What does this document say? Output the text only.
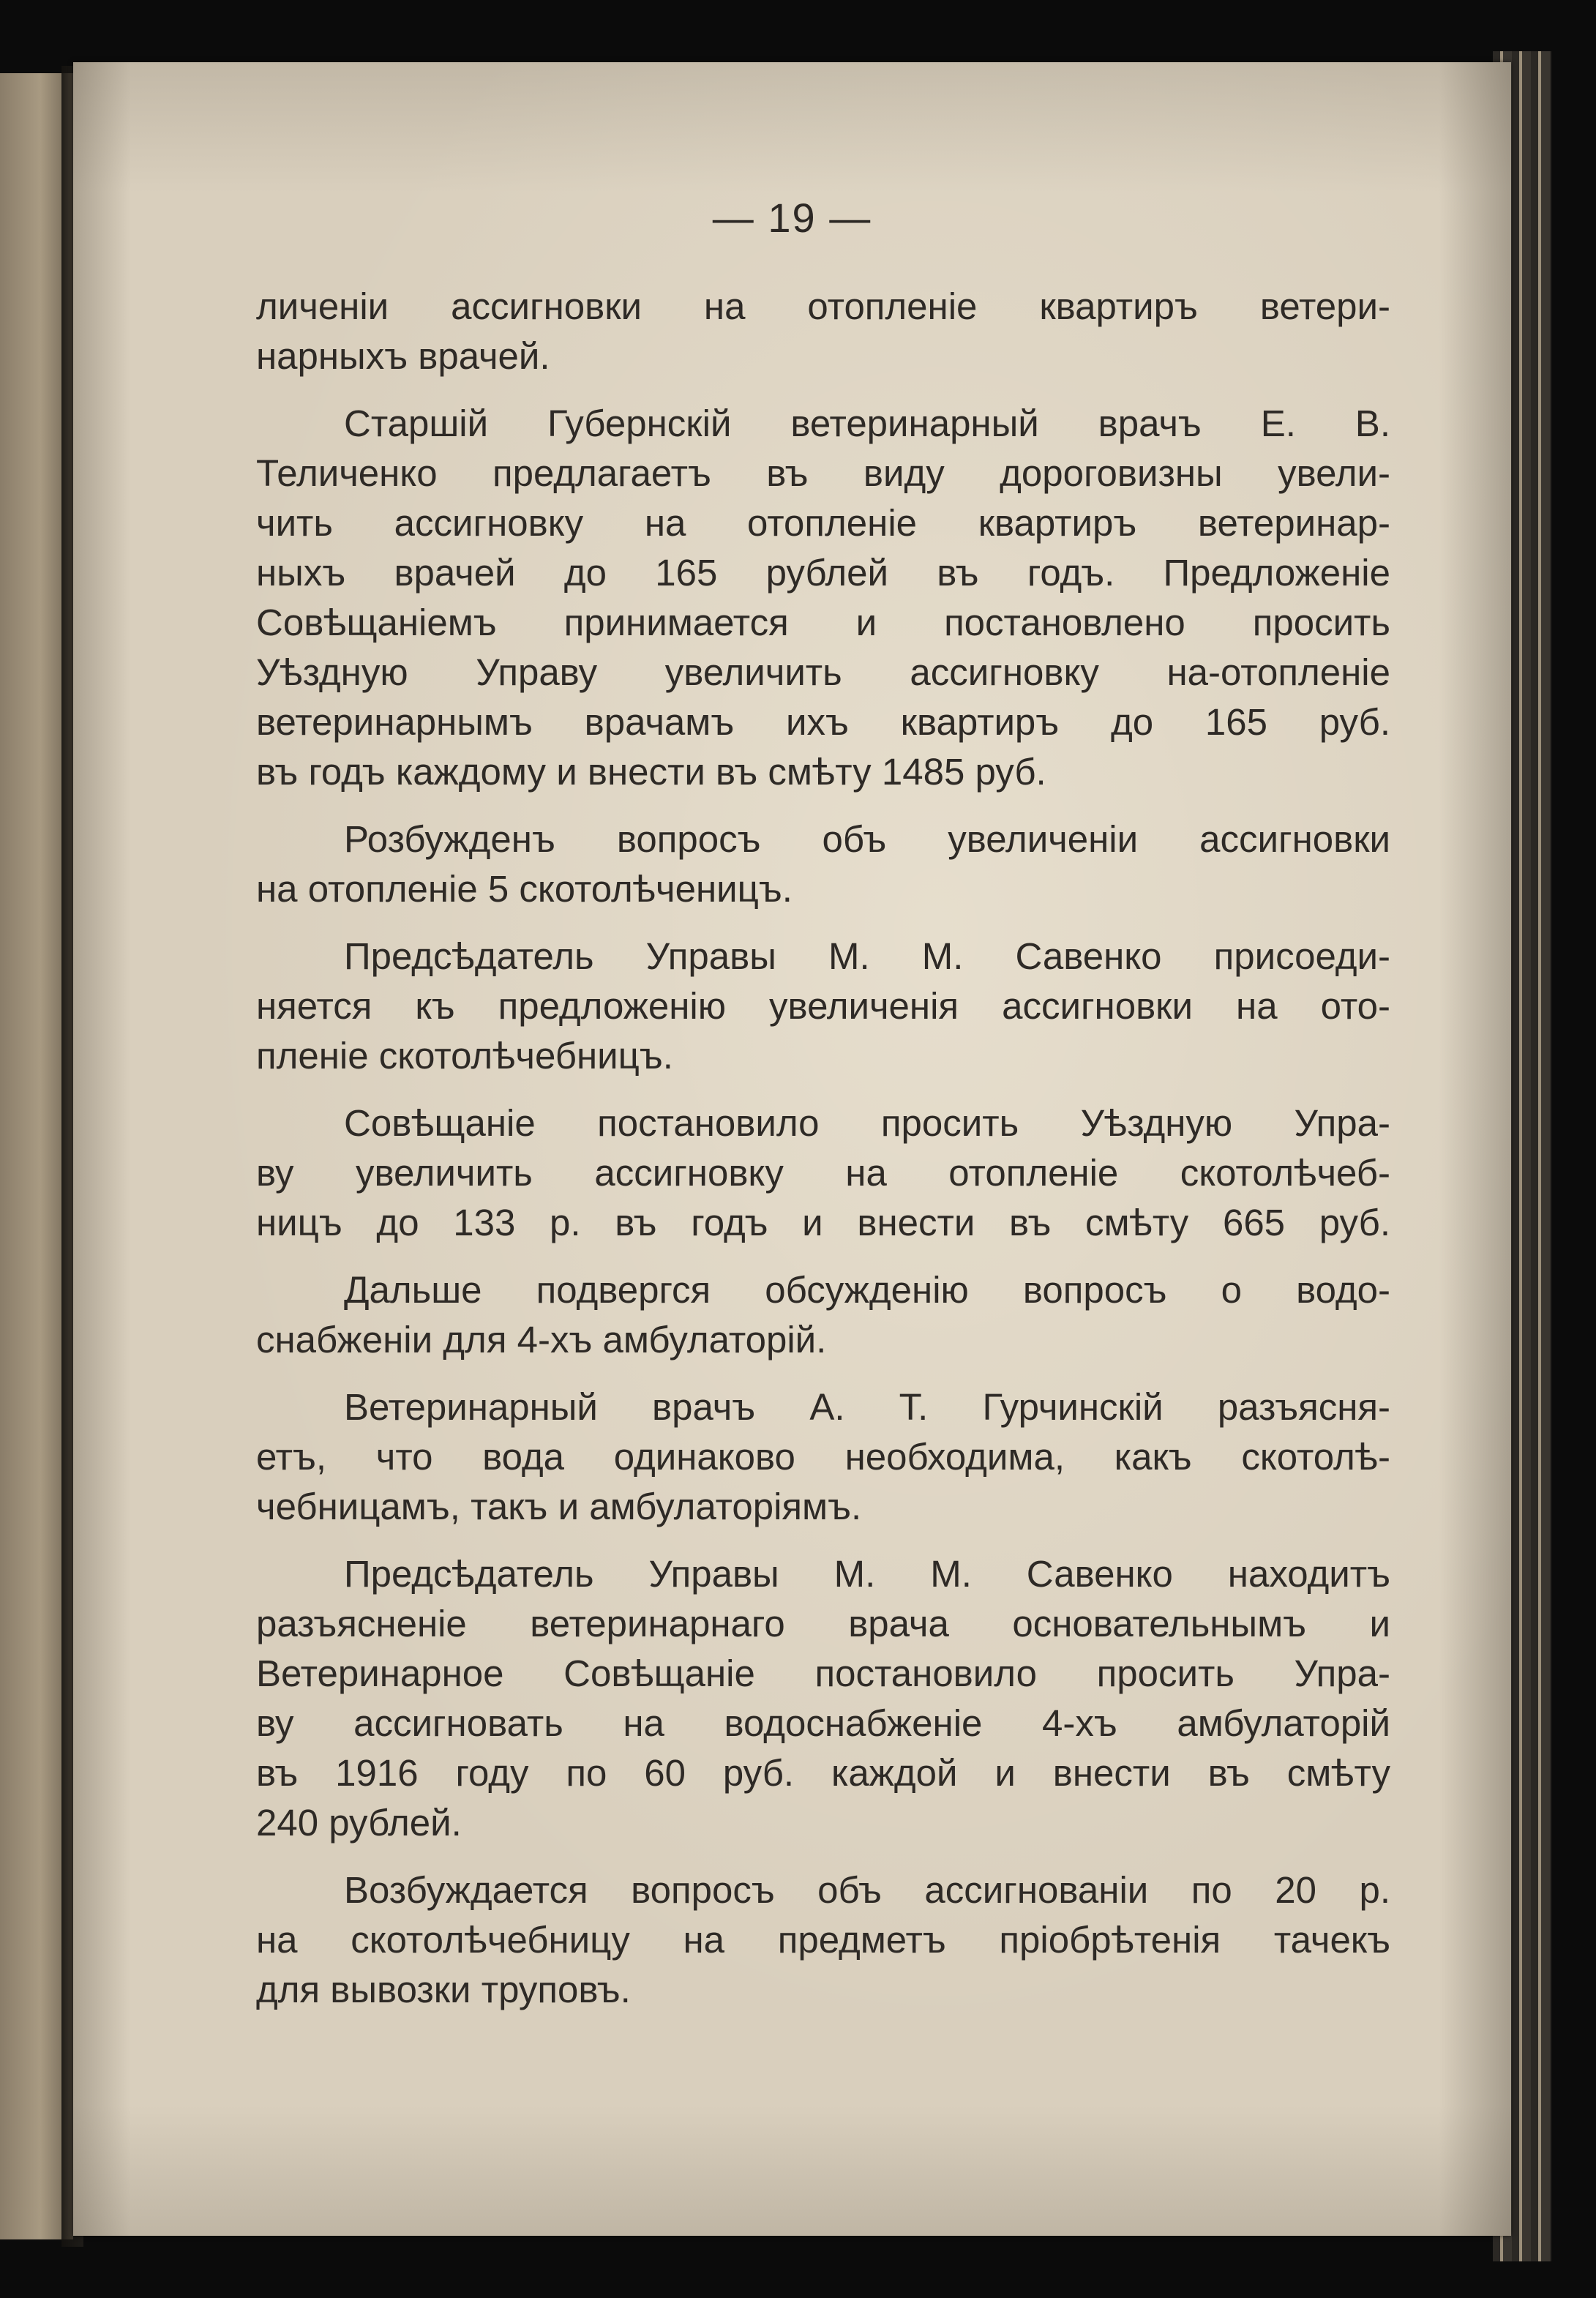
— 19 —
личеніи ассигновки на отопленіе квартиръ ветери-
нарныхъ врачей.
Старшій Губернскій ветеринарный врачъ Е. В.
Теличенко предлагаетъ въ виду дороговизны увели-
чить ассигновку на отопленіе квартиръ ветеринар-
ныхъ врачей до 165 рублей въ годъ. Предложеніе
Совѣщаніемъ принимается и постановлено просить
Уѣздную Управу увеличить ассигновку на-отопленіе
ветеринарнымъ врачамъ ихъ квартиръ до 165 руб.
въ годъ каждому и внести въ смѣту 1485 руб.
Розбужденъ вопросъ объ увеличеніи ассигновки
на отопленіе 5 скотолѣченицъ.
Предсѣдатель Управы М. М. Савенко присоеди-
няется къ предложенію увеличенія ассигновки на ото-
пленіе скотолѣчебницъ.
Совѣщаніе постановило просить Уѣздную Упра-
ву увеличить ассигновку на отопленіе скотолѣчеб-
ницъ до 133 р. въ годъ и внести въ смѣту 665 руб.
Дальше подвергся обсужденію вопросъ о водо-
снабженіи для 4-хъ амбулаторій.
Ветеринарный врачъ А. Т. Гурчинскій разъясня-
етъ, что вода одинаково необходима, какъ скотолѣ-
чебницамъ, такъ и амбулаторіямъ.
Предсѣдатель Управы М. М. Савенко находитъ
разъясненіе ветеринарнаго врача основательнымъ и
Ветеринарное Совѣщаніе постановило просить Упра-
ву ассигновать на водоснабженіе 4-хъ амбулаторій
въ 1916 году по 60 руб. каждой и внести въ смѣту
240 рублей.
Возбуждается вопросъ объ ассигнованіи по 20 р.
на скотолѣчебницу на предметъ пріобрѣтенія тачекъ
для вывозки труповъ.
